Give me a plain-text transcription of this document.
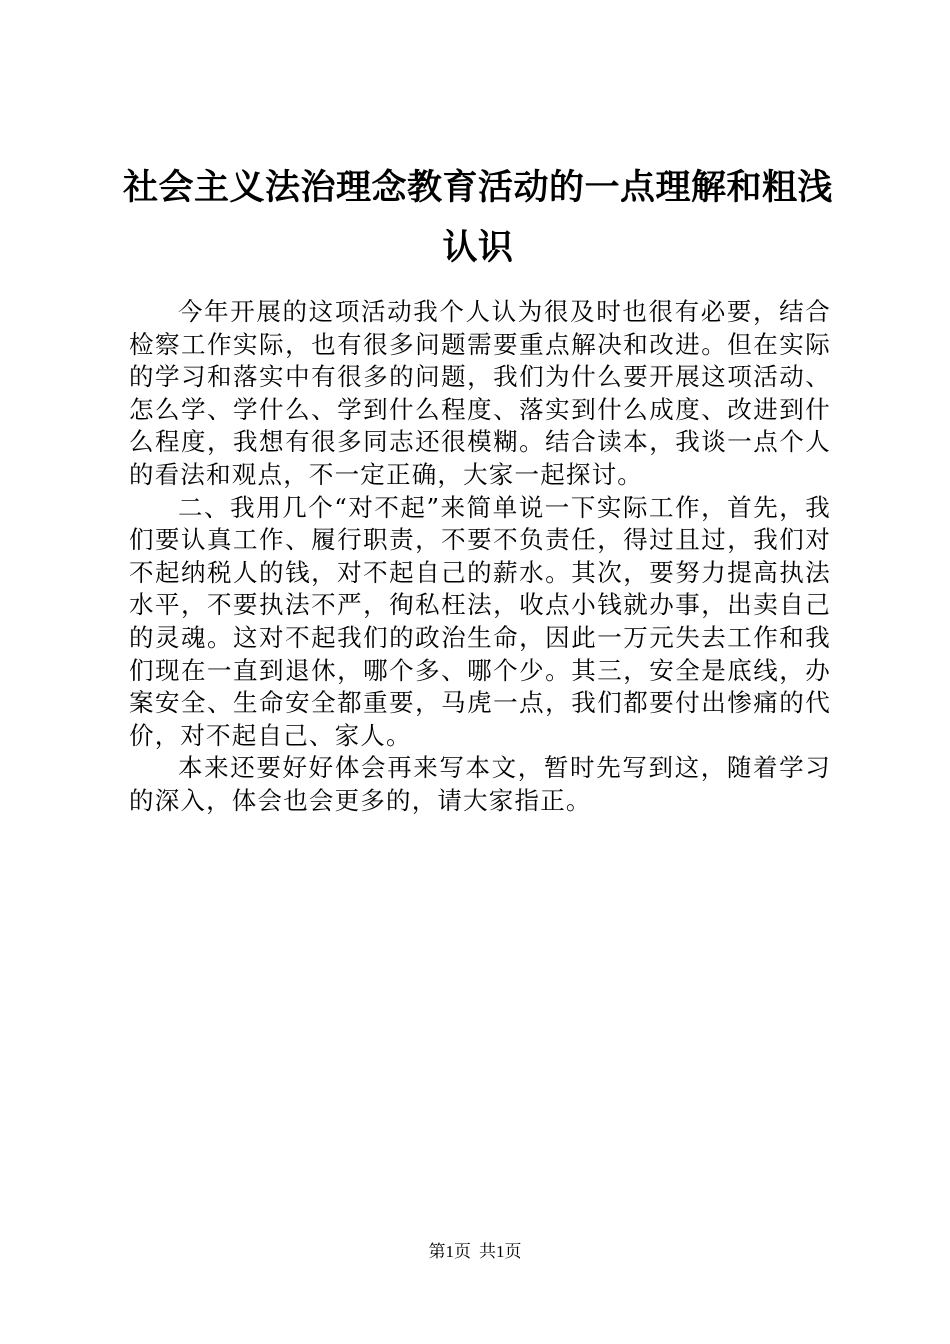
社会主义法治理念教育活动的一点理解和粗浅认识

今年开展的这项活动我个人认为很及时也很有必要，结合检察工作实际，也有很多问题需要重点解决和改进。但在实际的学习和落实中有很多的问题，我们为什么要开展这项活动、怎么学、学什么、学到什么程度、落实到什么成度、改进到什么程度，我想有很多同志还很模糊。结合读本，我谈一点个人的看法和观点，不一定正确，大家一起探讨。

二、我用几个“对不起”来简单说一下实际工作，首先，我们要认真工作、履行职责，不要不负责任，得过且过，我们对不起纳税人的钱，对不起自己的薪水。其次，要努力提高执法水平，不要执法不严，徇私枉法，收点小钱就办事，出卖自己的灵魂。这对不起我们的政治生命，因此一万元失去工作和我们现在一直到退休，哪个多、哪个少。其三，安全是底线，办案安全、生命安全都重要，马虎一点，我们都要付出惨痛的代价，对不起自己、家人。

本来还要好好体会再来写本文，暂时先写到这，随着学习的深入，体会也会更多的，请大家指正。

第1页 共1页
